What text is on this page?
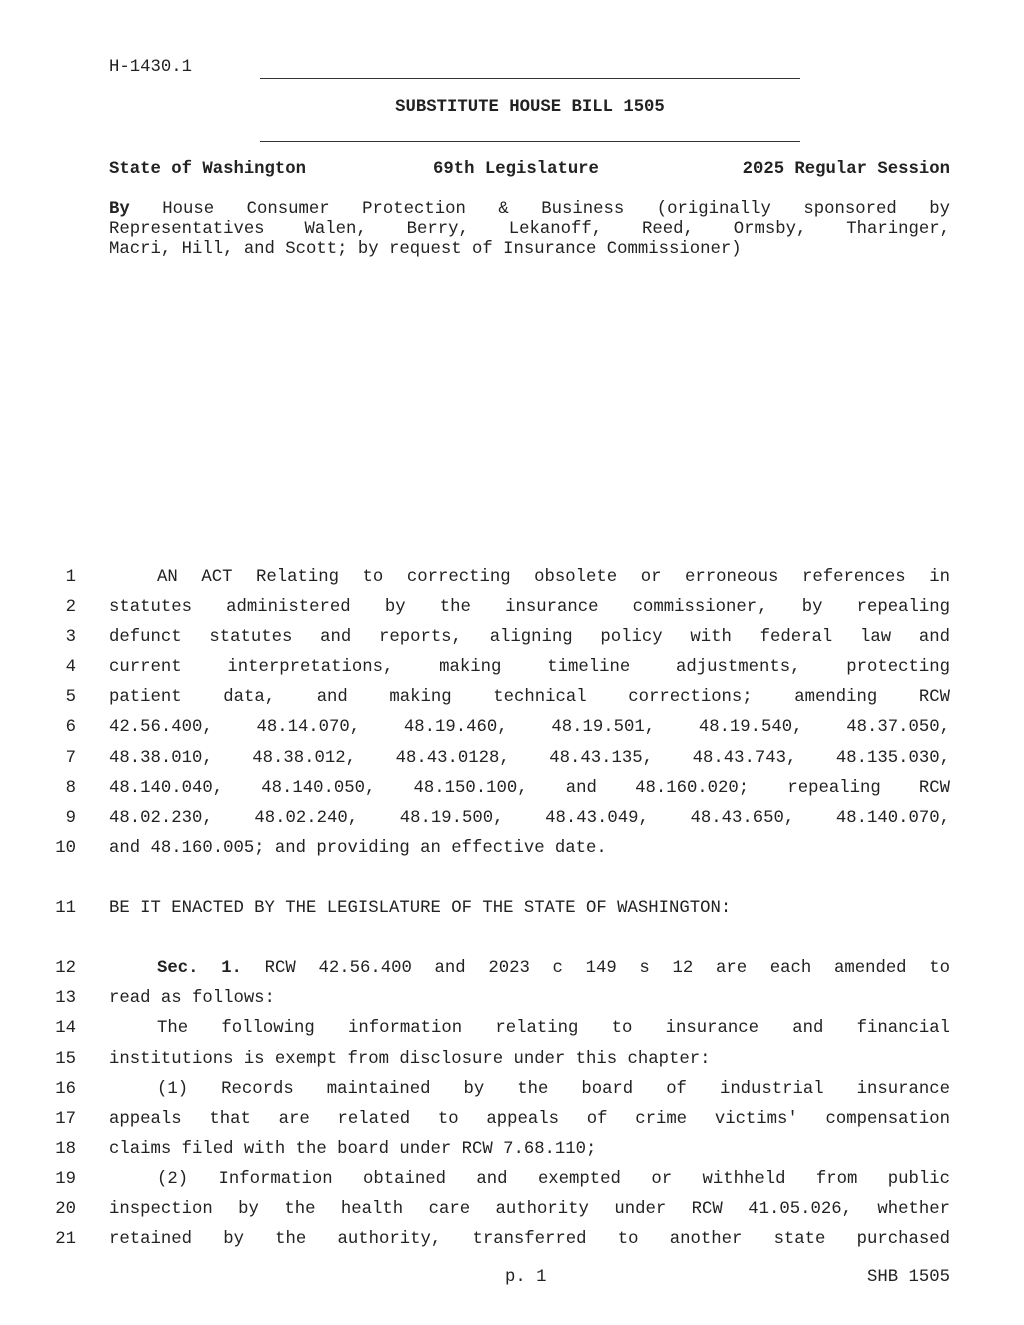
H-1430.1
SUBSTITUTE HOUSE BILL 1505
State of Washington	69th Legislature	2025 Regular Session
By House Consumer Protection & Business (originally sponsored by
Representatives Walen, Berry, Lekanoff, Reed, Ormsby, Tharinger,
Macri, Hill, and Scott; by request of Insurance Commissioner)
1	AN ACT Relating to correcting obsolete or erroneous references in
2 statutes administered by the insurance commissioner, by repealing
3 defunct statutes and reports, aligning policy with federal law and
4 current interpretations, making timeline adjustments, protecting
5 patient data, and making technical corrections; amending RCW
6 42.56.400, 48.14.070, 48.19.460, 48.19.501, 48.19.540, 48.37.050,
7 48.38.010, 48.38.012, 48.43.0128, 48.43.135, 48.43.743, 48.135.030,
8 48.140.040, 48.140.050, 48.150.100, and 48.160.020; repealing RCW
9 48.02.230, 48.02.240, 48.19.500, 48.43.049, 48.43.650, 48.140.070,
10 and 48.160.005; and providing an effective date.
11 BE IT ENACTED BY THE LEGISLATURE OF THE STATE OF WASHINGTON:
12	Sec. 1. RCW 42.56.400 and 2023 c 149 s 12 are each amended to
13 read as follows:
14	The following information relating to insurance and financial
15 institutions is exempt from disclosure under this chapter:
16	(1) Records maintained by the board of industrial insurance
17 appeals that are related to appeals of crime victims' compensation
18 claims filed with the board under RCW 7.68.110;
19	(2) Information obtained and exempted or withheld from public
20 inspection by the health care authority under RCW 41.05.026, whether
21 retained by the authority, transferred to another state purchased
p. 1	SHB 1505
